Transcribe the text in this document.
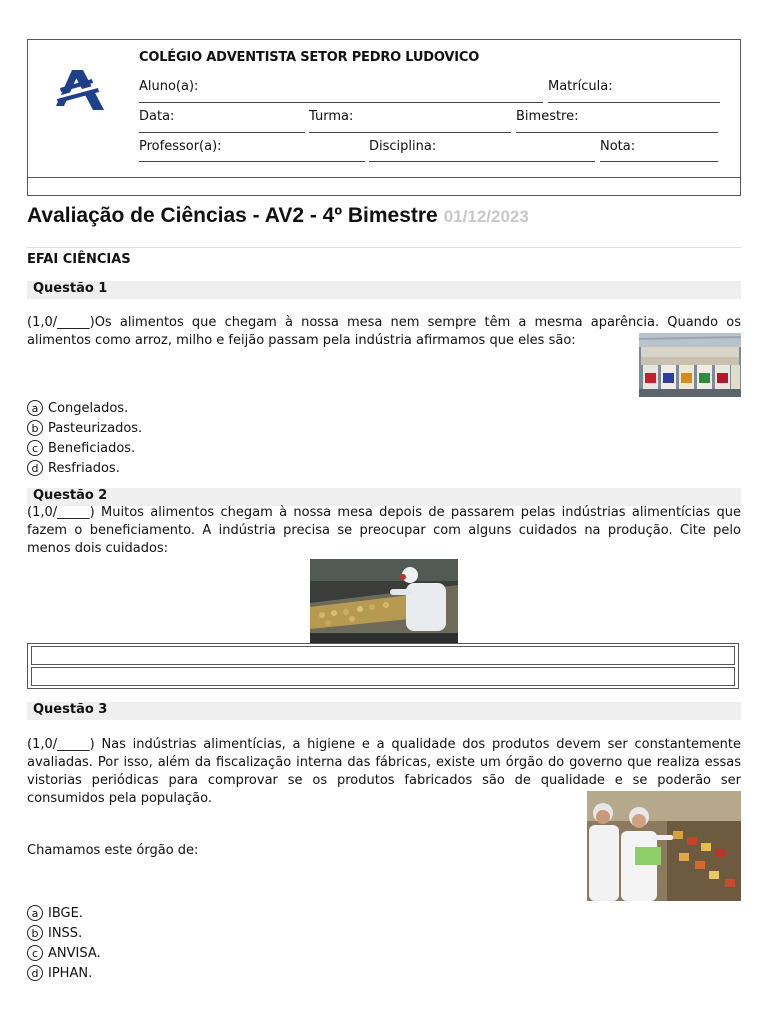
COLÉGIO ADVENTISTA SETOR PEDRO LUDOVICO
Aluno(a):	Matrícula:
Data:	Turma:	Bimestre:
Professor(a):	Disciplina:	Nota:
Avaliação de Ciências - AV2 - 4º Bimestre 01/12/2023
EFAI CIÊNCIAS
Questão 1
(1,0/_____)Os alimentos que chegam à nossa mesa nem sempre têm a mesma aparência. Quando os alimentos como arroz, milho e feijão passam pela indústria afirmamos que eles são:
a Congelados.
b Pasteurizados.
c Beneficiados.
d Resfriados.
Questão 2
(1,0/_____) Muitos alimentos chegam à nossa mesa depois de passarem pelas indústrias alimentícias que fazem o beneficiamento. A indústria precisa se preocupar com alguns cuidados na produção. Cite pelo menos dois cuidados:
Questão 3
(1,0/_____) Nas indústrias alimentícias, a higiene e a qualidade dos produtos devem ser constantemente avaliadas. Por isso, além da fiscalização interna das fábricas, existe um órgão do governo que realiza essas vistorias periódicas para comprovar se os produtos fabricados são de qualidade e se poderão ser consumidos pela população.
Chamamos este órgão de:
a IBGE.
b INSS.
c ANVISA.
d IPHAN.
